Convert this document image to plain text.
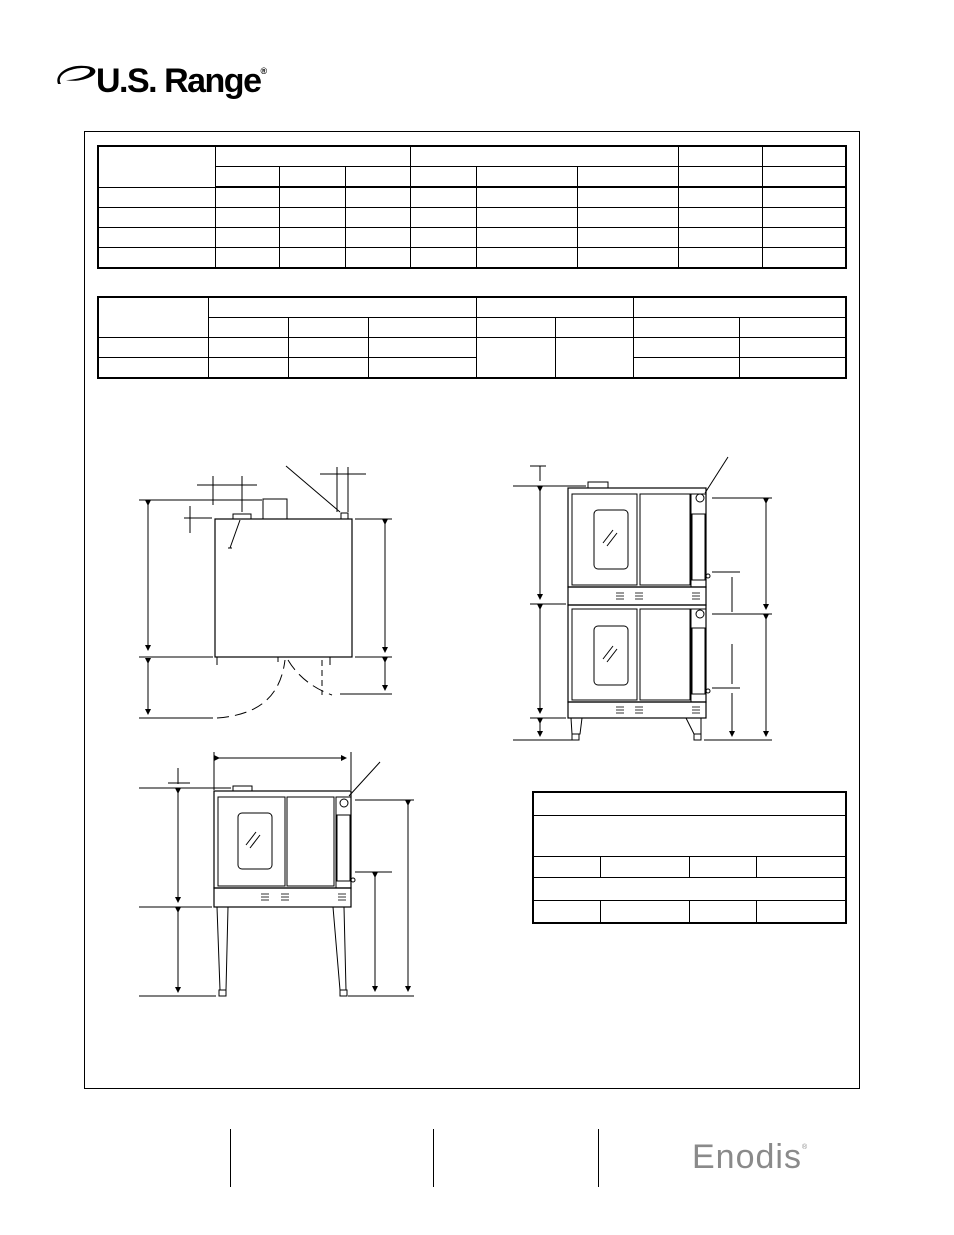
U.S. Range®

Enodis®
